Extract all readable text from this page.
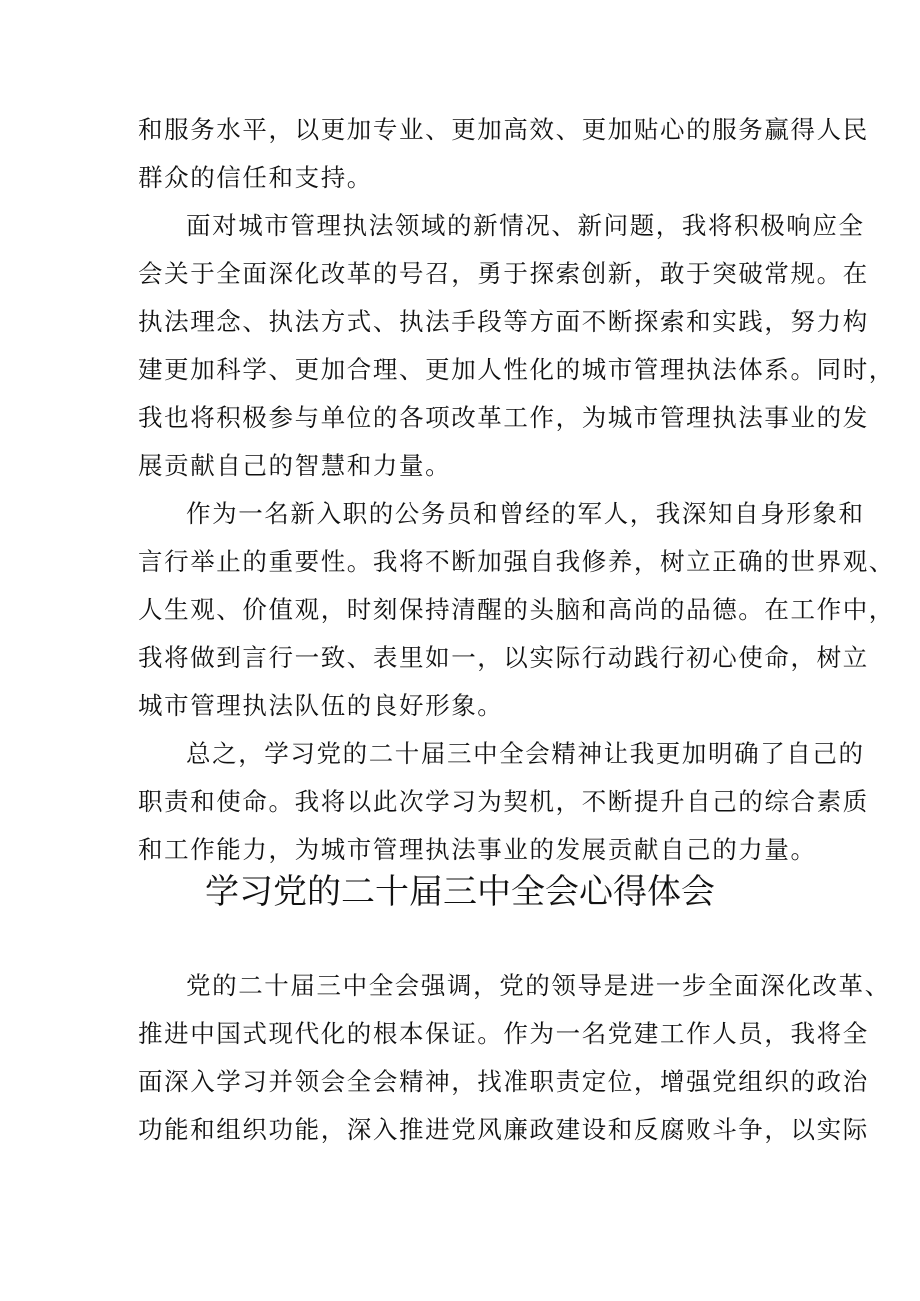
和服务水平，以更加专业、更加高效、更加贴心的服务赢得人民
群众的信任和支持。
面对城市管理执法领域的新情况、新问题，我将积极响应全
会关于全面深化改革的号召，勇于探索创新，敢于突破常规。在
执法理念、执法方式、执法手段等方面不断探索和实践，努力构
建更加科学、更加合理、更加人性化的城市管理执法体系。同时，
我也将积极参与单位的各项改革工作，为城市管理执法事业的发
展贡献自己的智慧和力量。
作为一名新入职的公务员和曾经的军人，我深知自身形象和
言行举止的重要性。我将不断加强自我修养，树立正确的世界观、
人生观、价值观，时刻保持清醒的头脑和高尚的品德。在工作中，
我将做到言行一致、表里如一，以实际行动践行初心使命，树立
城市管理执法队伍的良好形象。
总之，学习党的二十届三中全会精神让我更加明确了自己的
职责和使命。我将以此次学习为契机，不断提升自己的综合素质
和工作能力，为城市管理执法事业的发展贡献自己的力量。
学习党的二十届三中全会心得体会
党的二十届三中全会强调，党的领导是进一步全面深化改革、
推进中国式现代化的根本保证。作为一名党建工作人员，我将全
面深入学习并领会全会精神，找准职责定位，增强党组织的政治
功能和组织功能，深入推进党风廉政建设和反腐败斗争，以实际
